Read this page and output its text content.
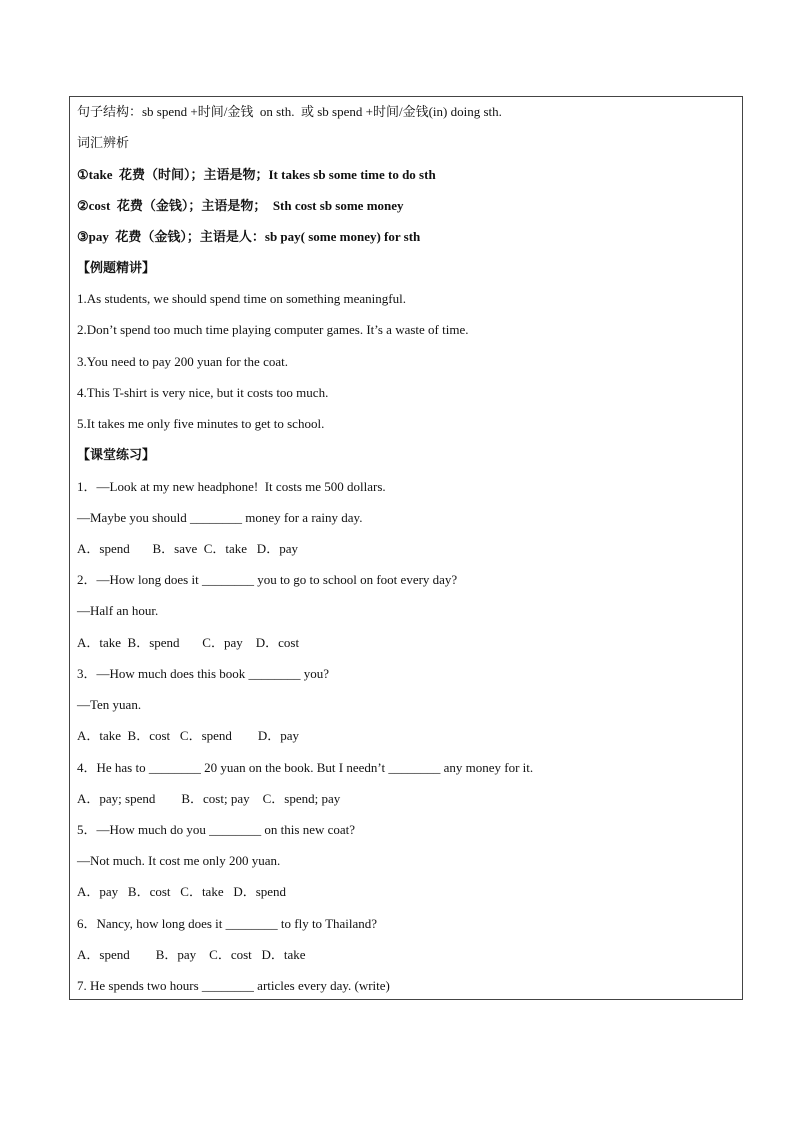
句子结构：sb spend +时间/金钱  on sth.  或 sb spend +时间/金钱(in) doing sth.
词汇辨析
①take  花费（时间）；主语是物；It takes sb some time to do sth
②cost  花费（金钱）；主语是物；  Sth cost sb some money
③pay  花费（金钱）；主语是人：sb pay( some money) for sth
【例题精讲】
1.As students, we should spend time on something meaningful.
2.Don’t spend too much time playing computer games. It’s a waste of time.
3.You need to pay 200 yuan for the coat.
4.This T-shirt is very nice, but it costs too much.
5.It takes me only five minutes to get to school.
【课堂练习】
1．—Look at my new headphone!  It costs me 500 dollars.
—Maybe you should ________ money for a rainy day.
A．spend       B．save  C．take   D．pay
2．—How long does it ________ you to go to school on foot every day?
—Half an hour.
A．take  B．spend       C．pay    D．cost
3．—How much does this book ________ you?
—Ten yuan.
A．take  B．cost   C．spend        D．pay
4．He has to ________ 20 yuan on the book. But I needn’t ________ any money for it.
A．pay; spend        B．cost; pay    C．spend; pay
5．—How much do you ________ on this new coat?
—Not much. It cost me only 200 yuan.
A．pay   B．cost   C．take   D．spend
6．Nancy, how long does it ________ to fly to Thailand?
A．spend        B．pay    C．cost   D．take
7. He spends two hours ________ articles every day. (write)
